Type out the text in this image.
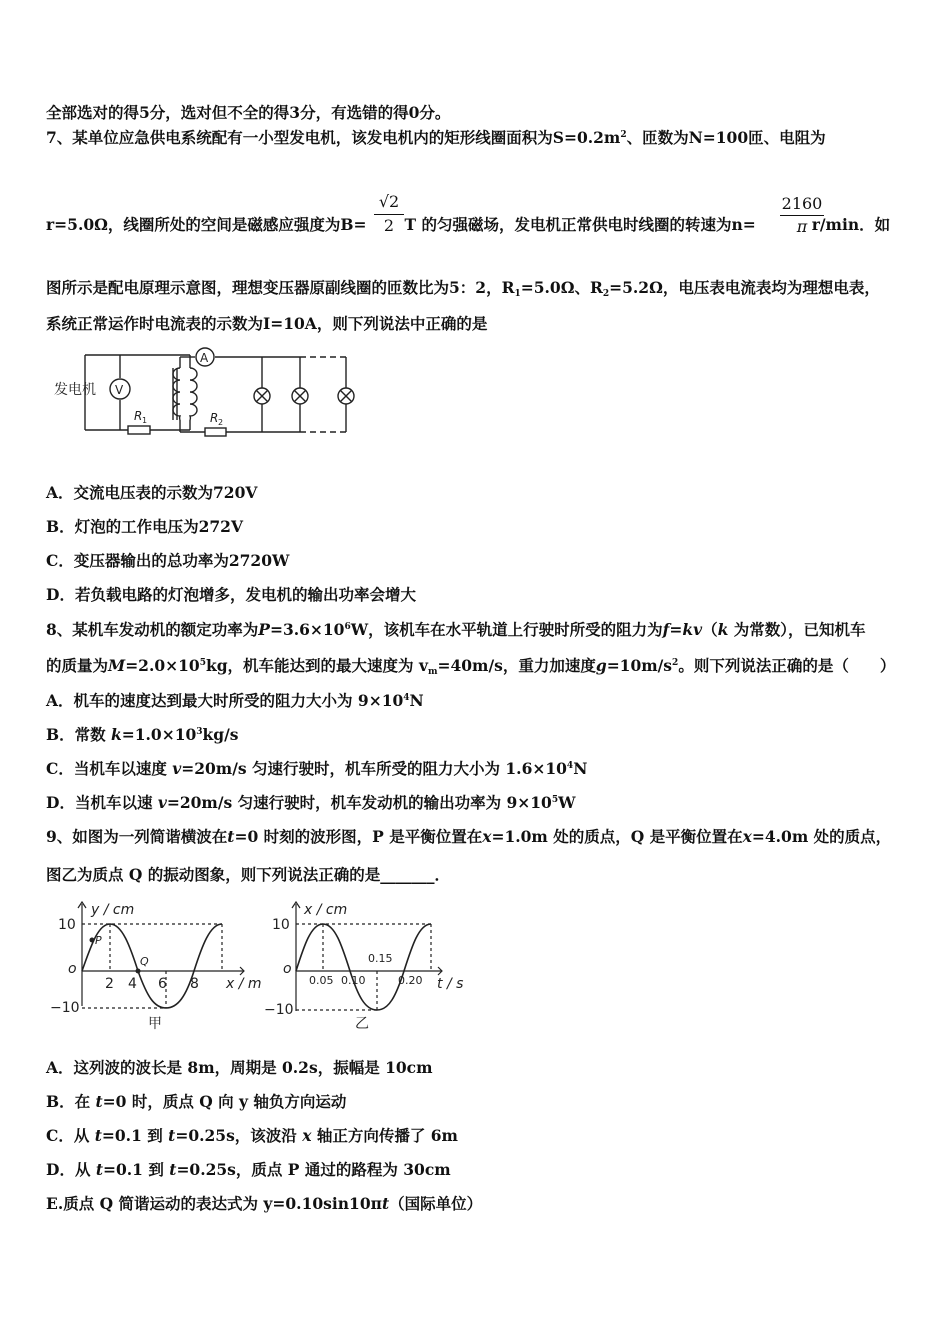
全部选对的得5分，选对但不全的得3分，有选错的得0分。
7、某单位应急供电系统配有一小型发电机，该发电机内的矩形线圈面积为$S=0.2m^2$、匝数为N=100匝、电阻为
r=5.0Ω，线圈所处的空间是磁感应强度为B= T 的匀强磁场，发电机正常供电时线圈的转速为n=	r/min．如
$\frac{√2}{2}$	$\frac{2160}{\pi}$
图所示是配电原理示意图，理想变压器原副线圈的匝数比为5：2，$R_1=5.0\Omega$、$R_2=5.2\Omega$，电压表电流表均为理想电表，
系统正常运作时电流表的示数为I=10A，则下列说法中正确的是
发电机 V
A
R 1	R 2
A．交流电压表的示数为720V
B．灯泡的工作电压为272V
C．变压器输出的总功率为2720W
D．若负载电路的灯泡增多，发电机的输出功率会增大
8、某机车发动机的额定功率为$P=3.6\times 10^6W$，该机车在水平轨道上行驶时所受的阻力为f=kv（k 为常数），已知机车
的质量为$M=2.0\times 10^5kg$，机车能达到的最大速度为 $v_m=40m/s$，重力加速度$g=10m/s^2$。则下列说法正确的是（　　）
A．机车的速度达到最大时所受的阻力大小为 $9\times 10^4N$
B．常数 $k=1.0\times 10^3kg/s$
C．当机车以速度 v=20m/s 匀速行驶时，机车所受的阻力大小为 $1.6\times 10^4N$
D．当机车以速 v=20m/s 匀速行驶时，机车发动机的输出功率为 $9\times 10^5W$
9、如图为一列简谐横波在t=0 时刻的波形图，P 是平衡位置在x=1.0m 处的质点，Q 是平衡位置在x=4.0m 处的质点，
图乙为质点 Q 的振动图象，则下列说法正确的是_______．
y / cm
x / m
10
−10
o
2 4 6 8
P
Q
甲
x / cm
t / s
10
−10
o
0.05 0.10
0.15
0.20
乙
A．这列波的波长是 8m，周期是 0.2s，振幅是 10cm
B．在 t=0 时，质点 Q 向 y 轴负方向运动
C．从 t=0.1 到 t=0.25s，该波沿 x 轴正方向传播了 6m
D．从 t=0.1 到 t=0.25s，质点 P 通过的路程为 30cm
E.质点 Q 简谐运动的表达式为 y=0.10sin10πt（国际单位）
